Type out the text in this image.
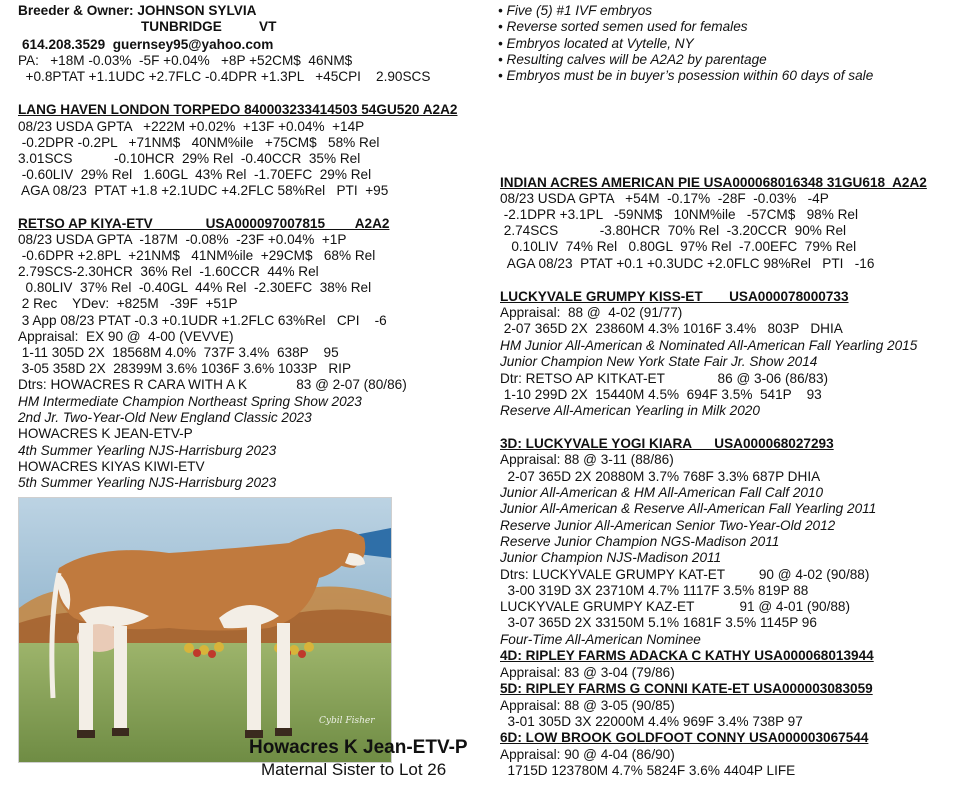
Breeder & Owner: JOHNSON SYLVIA
TUNBRIDGE	VT
614.208.3529  guernsey95@yahoo.com
PA:   +18M -0.03%  -5F +0.04%   +8P +52CM$  46NM$
+0.8PTAT +1.1UDC +2.7FLC -0.4DPR +1.3PL   +45CPI    2.90SCS
LANG HAVEN LONDON TORPEDO 840003233414503 54GU520 A2A2
08/23 USDA GPTA   +222M +0.02%  +13F +0.04%  +14P
-0.2DPR -0.2PL   +71NM$   40NM%ile   +75CM$   58% Rel
3.01SCS           -0.10HCR  29% Rel  -0.40CCR  35% Rel
-0.60LIV  29% Rel   1.60GL  43% Rel  -1.70EFC  29% Rel
AGA 08/23  PTAT +1.8 +2.1UDC +4.2FLC 58%Rel   PTI  +95
RETSO AP KIYA-ETV              USA000097007815        A2A2
08/23 USDA GPTA  -187M  -0.08%  -23F +0.04%  +1P
-0.6DPR +2.8PL  +21NM$   41NM%ile  +29CM$   68% Rel
2.79SCS-2.30HCR  36% Rel  -1.60CCR  44% Rel
0.80LIV  37% Rel  -0.40GL  44% Rel  -2.30EFC  38% Rel
2 Rec    YDev:  +825M   -39F  +51P
3 App 08/23 PTAT -0.3 +0.1UDR +1.2FLC 63%Rel   CPI    -6
Appraisal:  EX 90 @  4-00 (VEVVE)
1-11 305D 2X  18568M 4.0%  737F 3.4%  638P    95
3-05 358D 2X  28399M 3.6% 1036F 3.6% 1033P   RIP
Dtrs: HOWACRES R CARA WITH A K             83 @ 2-07 (80/86)
HM Intermediate Champion Northeast Spring Show 2023
2nd Jr. Two-Year-Old New England Classic 2023
HOWACRES K JEAN-ETV-P
4th Summer Yearling NJS-Harrisburg 2023
HOWACRES KIYAS KIWI-ETV
5th Summer Yearling NJS-Harrisburg 2023
Cybil Fisher
Howacres K Jean-ETV-P
Maternal Sister to Lot 26
• Five (5) #1 IVF embryos
• Reverse sorted semen used for females
• Embryos located at Vytelle, NY
• Resulting calves will be A2A2 by parentage
• Embryos must be in buyer’s posession within 60 days of sale
INDIAN ACRES AMERICAN PIE USA000068016348 31GU618  A2A2
08/23 USDA GPTA   +54M  -0.17%  -28F  -0.03%   -4P
-2.1DPR +3.1PL   -59NM$   10NM%ile   -57CM$   98% Rel
2.74SCS           -3.80HCR  70% Rel  -3.20CCR  90% Rel
0.10LIV  74% Rel   0.80GL  97% Rel  -7.00EFC  79% Rel
AGA 08/23  PTAT +0.1 +0.3UDC +2.0FLC 98%Rel   PTI   -16
LUCKYVALE GRUMPY KISS-ET       USA000078000733
Appraisal:  88 @  4-02 (91/77)
2-07 365D 2X  23860M 4.3% 1016F 3.4%   803P   DHIA
HM Junior All-American & Nominated All-American Fall Yearling 2015
Junior Champion New York State Fair Jr. Show 2014
Dtr: RETSO AP KITKAT-ET              86 @ 3-06 (86/83)
1-10 299D 2X  15440M 4.5%  694F 3.5%  541P    93
Reserve All-American Yearling in Milk 2020
3D: LUCKYVALE YOGI KIARA      USA000068027293
Appraisal: 88 @ 3-11 (88/86)
2-07 365D 2X 20880M 3.7% 768F 3.3% 687P DHIA
Junior All-American & HM All-American Fall Calf 2010
Junior All-American & Reserve All-American Fall Yearling 2011
Reserve Junior All-American Senior Two-Year-Old 2012
Reserve Junior Champion NGS-Madison 2011
Junior Champion NJS-Madison 2011
Dtrs: LUCKYVALE GRUMPY KAT-ET         90 @ 4-02 (90/88)
3-00 319D 3X 23710M 4.7% 1117F 3.5% 819P 88
LUCKYVALE GRUMPY KAZ-ET            91 @ 4-01 (90/88)
3-07 365D 2X 33150M 5.1% 1681F 3.5% 1145P 96
Four-Time All-American Nominee
4D: RIPLEY FARMS ADACKA C KATHY USA000068013944
Appraisal: 83 @ 3-04 (79/86)
5D: RIPLEY FARMS G CONNI KATE-ET USA000003083059
Appraisal: 88 @ 3-05 (90/85)
3-01 305D 3X 22000M 4.4% 969F 3.4% 738P 97
6D: LOW BROOK GOLDFOOT CONNY USA000003067544
Appraisal: 90 @ 4-04 (86/90)
1715D 123780M 4.7% 5824F 3.6% 4404P LIFE
